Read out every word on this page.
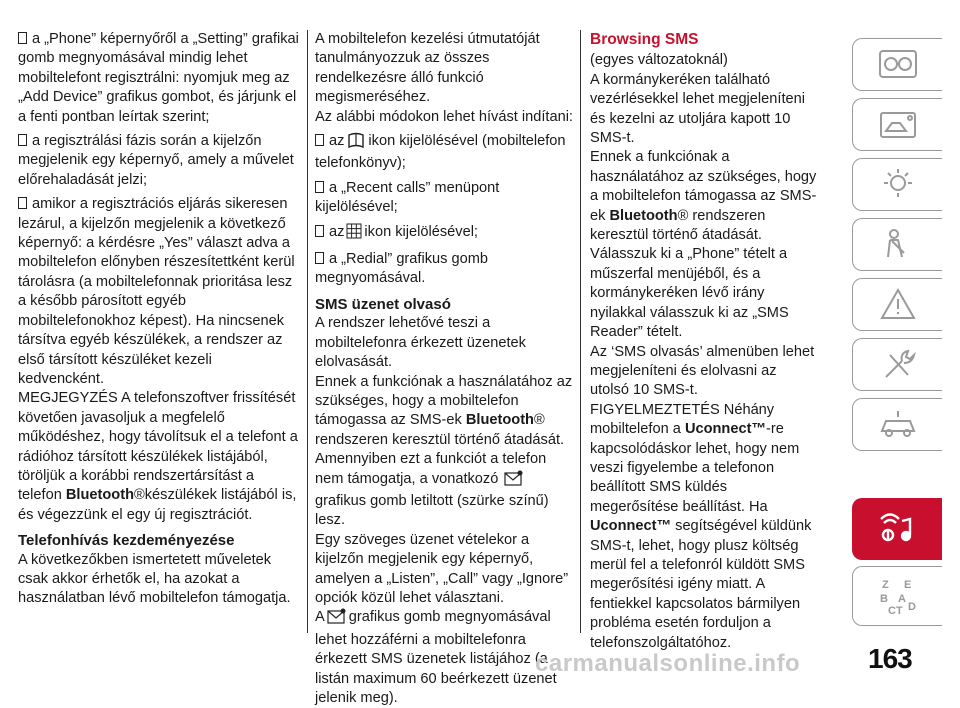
a „Phone” képernyőről a „Setting” grafikai gomb megnyomásával mindig lehet mobiltelefont regisztrálni: nyomjuk meg az „Add Device” grafikus gombot, és járjunk el a fenti pontban leírtak szerint;

a regisztrálási fázis során a kijelzőn megjelenik egy képernyő, amely a művelet előrehaladását jelzi;

amikor a regisztrációs eljárás sikeresen lezárul, a kijelzőn megjelenik a következő képernyő: a kérdésre „Yes” választ adva a mobiltelefon előnyben részesítettként kerül tárolásra (a mobiltelefonnak prioritása lesz a később párosított egyéb mobiltelefonokhoz képest). Ha nincsenek társítva egyéb készülékek, a rendszer az első társított készüléket kezeli kedvencként.

MEGJEGYZÉS A telefonszoftver frissítését követően javasoljuk a megfelelő működéshez, hogy távolítsuk el a telefont a rádióhoz társított készülékek listájából, töröljük a korábbi rendszertársítást a telefon Bluetooth®készülékek listájából is, és végezzünk el egy új regisztrációt.

Telefonhívás kezdeményezése

A következőkben ismertetett műveletek csak akkor érhetők el, ha azokat a használatban lévő mobiltelefon támogatja.

A mobiltelefon kezelési útmutatóját tanulmányozzuk az összes rendelkezésre álló funkció megismeréséhez.

Az alábbi módokon lehet hívást indítani:

az ikon kijelölésével (mobiltelefon telefonkönyv);

a „Recent calls” menüpont kijelölésével;

az ikon kijelölésével;

a „Redial” grafikus gomb megnyomásával.

SMS üzenet olvasó

A rendszer lehetővé teszi a mobiltelefonra érkezett üzenetek elolvasását.

Ennek a funkciónak a használatához az szükséges, hogy a mobiltelefon támogassa az SMS-ek Bluetooth® rendszeren keresztül történő átadását.

Amennyiben ezt a funkciót a telefon nem támogatja, a vonatkozó grafikus gomb letiltott (szürke színű) lesz.

Egy szöveges üzenet vételekor a kijelzőn megjelenik egy képernyő, amelyen a „Listen”, „Call” vagy „Ignore” opciók közül lehet választani.

A grafikus gomb megnyomásával lehet hozzáférni a mobiltelefonra érkezett SMS üzenetek listájához (a listán maximum 60 beérkezett üzenet jelenik meg).

Browsing SMS

(egyes változatoknál)

A kormánykeréken található vezérlésekkel lehet megjeleníteni és kezelni az utoljára kapott 10 SMS-t.

Ennek a funkciónak a használatához az szükséges, hogy a mobiltelefon támogassa az SMS-ek Bluetooth® rendszeren keresztül történő átadását.

Válasszuk ki a „Phone” tételt a műszerfal menüjéből, és a kormánykeréken lévő irány nyilakkal válasszuk ki az „SMS Reader” tételt.

Az ‘SMS olvasás’ almenüben lehet megjeleníteni és elolvasni az utolsó 10 SMS-t.

FIGYELMEZTETÉS Néhány mobiltelefon a Uconnect™-re kapcsolódáskor lehet, hogy nem veszi figyelembe a telefonon beállított SMS küldés megerősítése beállítást. Ha Uconnect™ segítségével küldünk SMS-t, lehet, hogy plusz költség merül fel a telefonról küldött SMS megerősítési igény miatt. A fentiekkel kapcsolatos bármilyen probléma esetén forduljon a telefonszolgáltatóhoz.

Z E
B A
C T D
carmanualsonline.info 163
